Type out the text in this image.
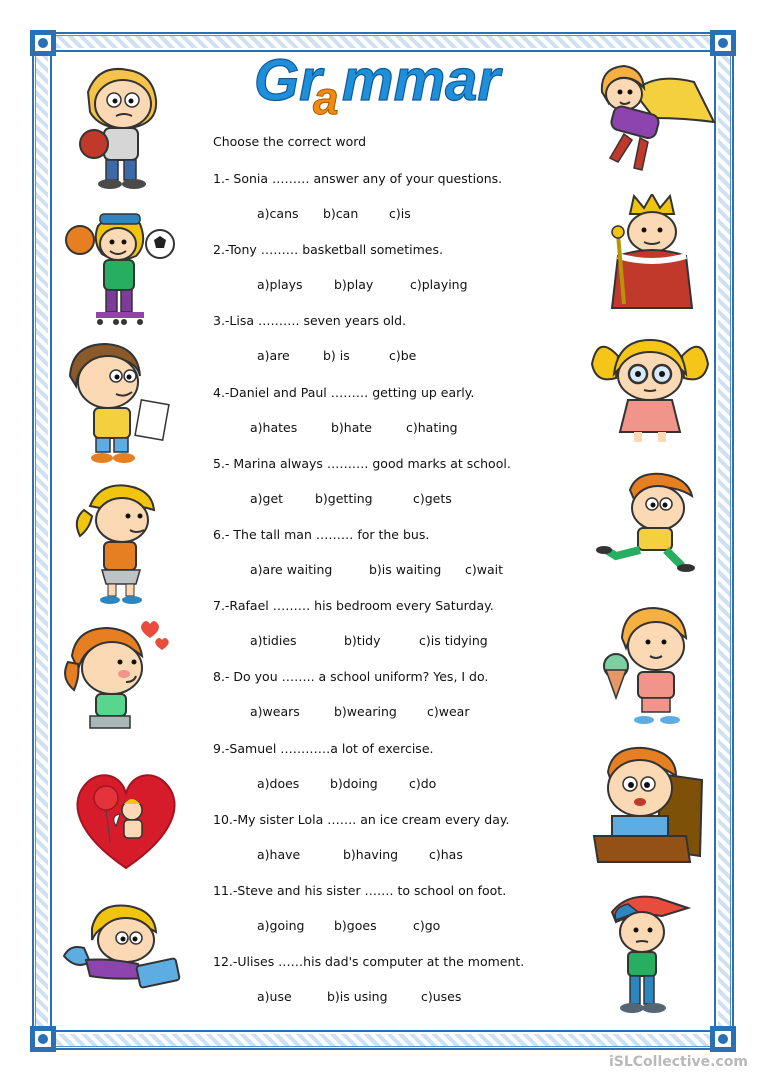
Gr
a mmar
Choose the correct word
1.- Sonia ……… answer any of your questions.
a)cans b)can c)is
2.-Tony ……… basketball sometimes.
a)plays	b)play	c)playing
3.-Lisa ………. seven years old.
a)are	b) is	c)be
4.-Daniel and Paul ……… getting up early.
a)hates	b)hate	c)hating
5.- Marina always ………. good marks at school.
a)get	b)getting	c)gets
6.- The tall man ……… for the bus.
a)are waiting	b)is waiting c)wait
7.-Rafael ……… his bedroom every Saturday.
a)tidies	b)tidy	c)is tidying
8.- Do you …….. a school uniform? Yes, I do.
a)wears	b)wearing c)wear
9.-Samuel …………a lot of exercise.
a)does b)doing	c)do
10.-My sister Lola ……. an ice cream every day.
a)have	b)having c)has
11.-Steve and his sister ……. to school on foot.
a)going b)goes	c)go
12.-Ulises ……his dad's computer at the moment.
a)use	b)is using	c)uses
iSLCollective.com
